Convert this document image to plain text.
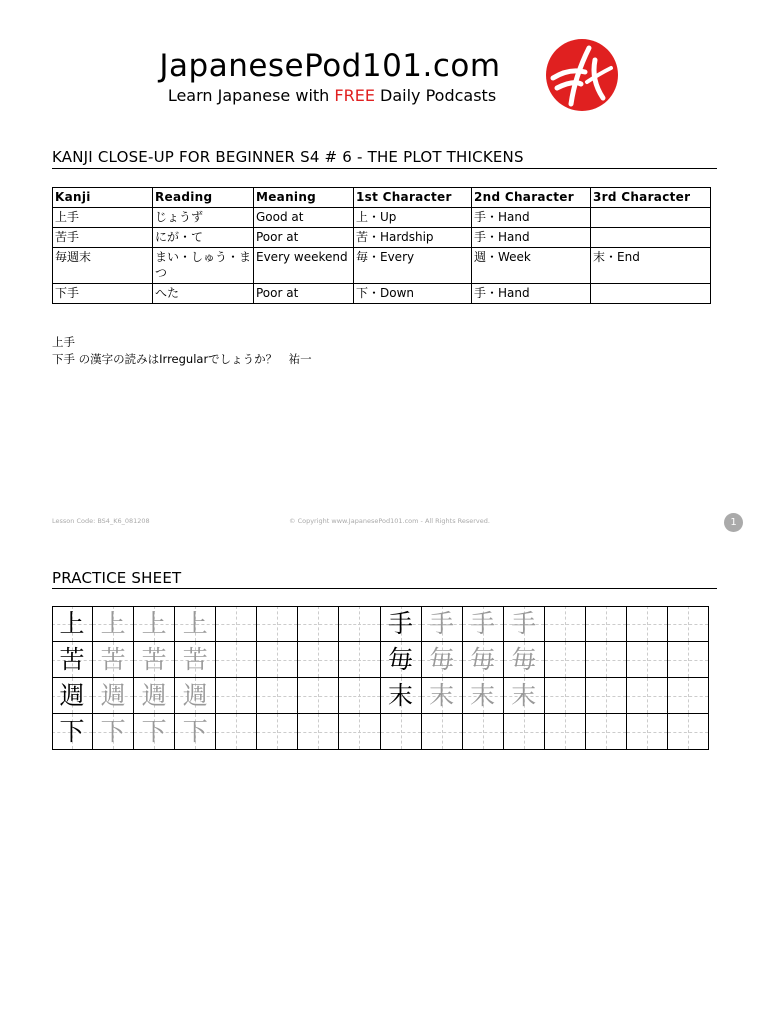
JapanesePod101.com
Learn Japanese with FREE Daily Podcasts
KANJI CLOSE-UP FOR BEGINNER S4 # 6 - THE PLOT THICKENS
Kanji	Reading	Meaning	1st Character	2nd Character	3rd Character
上手	じょうず	Good at	上・Up	手・Hand	
苦手	にが・て	Poor at	苦・Hardship	手・Hand	
毎週末	まい・しゅう・まつ	Every weekend	毎・Every	週・Week	末・End
下手	へた	Poor at	下・Down	手・Hand	
上手
下手 の漢字の読みはIrregularでしょうか？　祐一
Lesson Code: BS4_K6_081208	© Copyright www.JapanesePod101.com - All Rights Reserved.	1
PRACTICE SHEET
上 上 上 上	手 手 手 手
苦 苦 苦 苦	毎 毎 毎 毎
週 週 週 週	末 末 末 末
下 下 下 下
